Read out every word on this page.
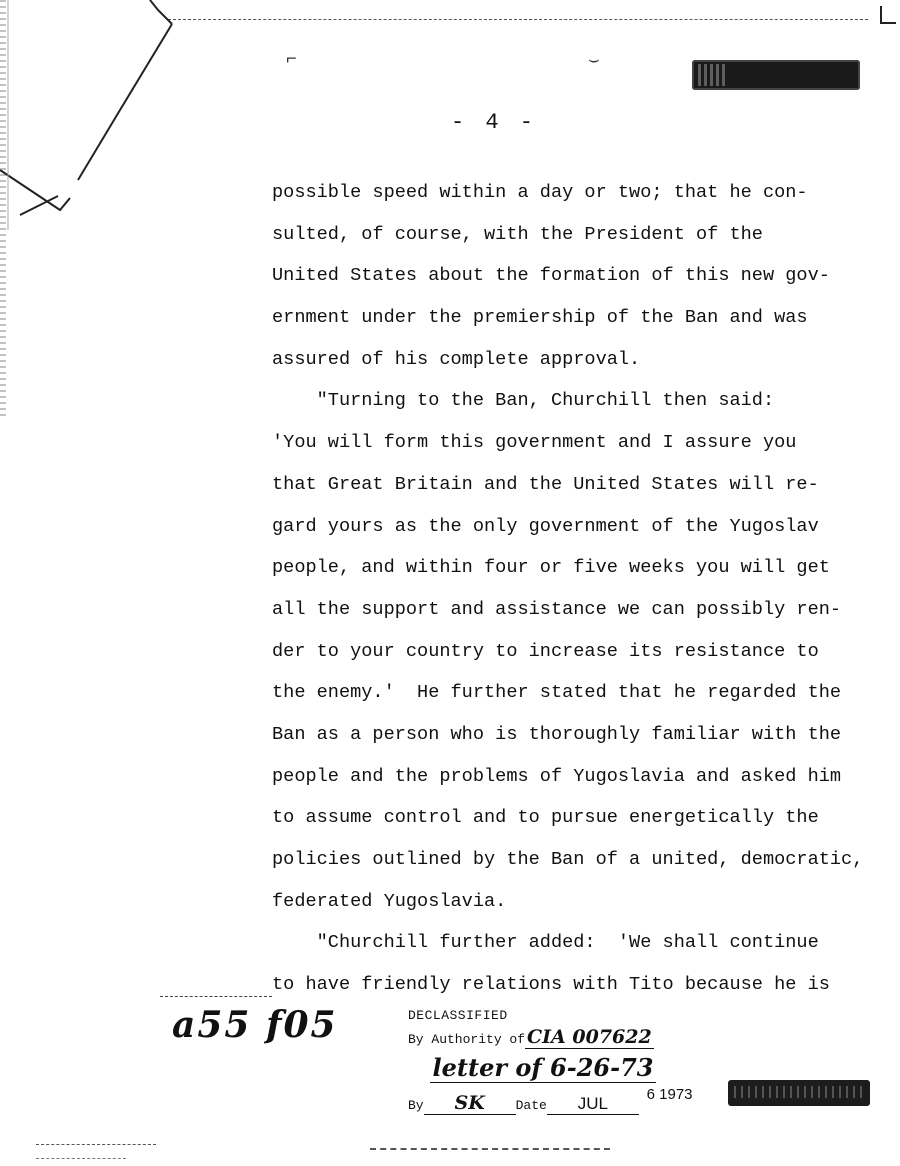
⌐	⌣
- 4 -
possible speed within a day or two; that he con-
sulted, of course, with the President of the
United States about the formation of this new gov-
ernment under the premiership of the Ban and was
assured of his complete approval.
"Turning to the Ban, Churchill then said:
'You will form this government and I assure you
that Great Britain and the United States will re-
gard yours as the only government of the Yugoslav
people, and within four or five weeks you will get
all the support and assistance we can possibly ren-
der to your country to increase its resistance to
the enemy.'  He further stated that he regarded the
Ban as a person who is thoroughly familiar with the
people and the problems of Yugoslavia and asked him
to assume control and to pursue energetically the
policies outlined by the Ban of a united, democratic,
federated Yugoslavia.
"Churchill further added:  'We shall continue
to have friendly relations with Tito because he is
a55 f05	DECLASSIFIED
By Authority of CIA 007622
letter of 6-26-73
By SK Date JUL	6 1973
